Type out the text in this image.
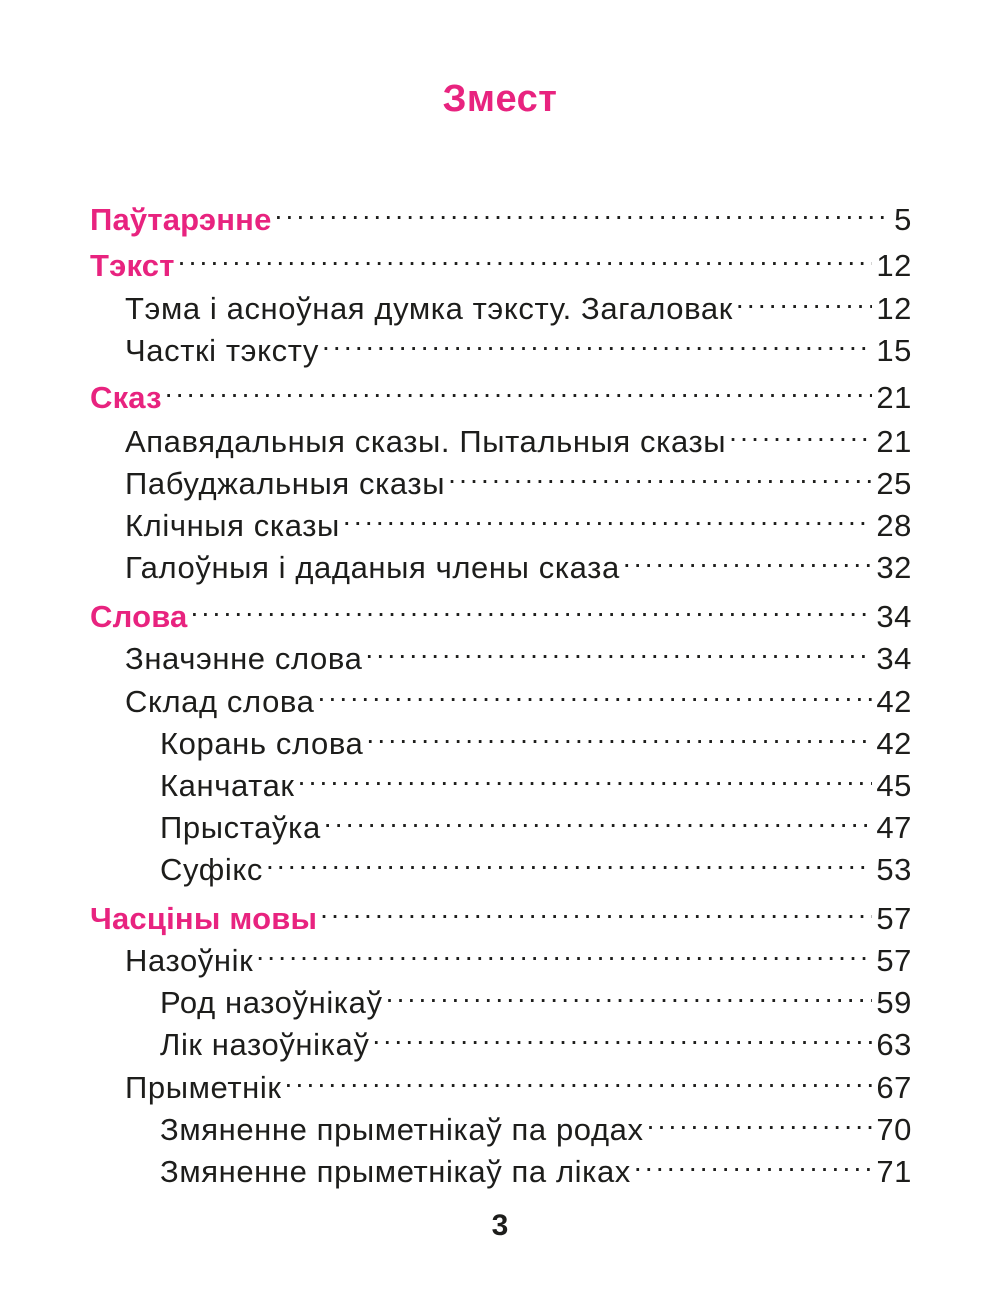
Змест
Паўтарэнне .....	5
Тэкст .....	12
Тэма і асноўная думка тэксту. Загаловак .....	12
Часткі тэксту .....	15
Сказ .....	21
Апавядальныя сказы. Пытальныя сказы .....	21
Пабуджальныя сказы .....	25
Клічныя сказы .....	28
Галоўныя і даданыя члены сказа .....	32
Слова .....	34
Значэнне слова .....	34
Склад слова .....	42
Корань слова .....	42
Канчатак .....	45
Прыстаўка .....	47
Суфікс .....	53
Часціны мовы .....	57
Назоўнік .....	57
Род назоўнікаў .....	59
Лік назоўнікаў .....	63
Прыметнік .....	67
Змяненне прыметнікаў па родах .....	70
Змяненне прыметнікаў па ліках .....	71
3
